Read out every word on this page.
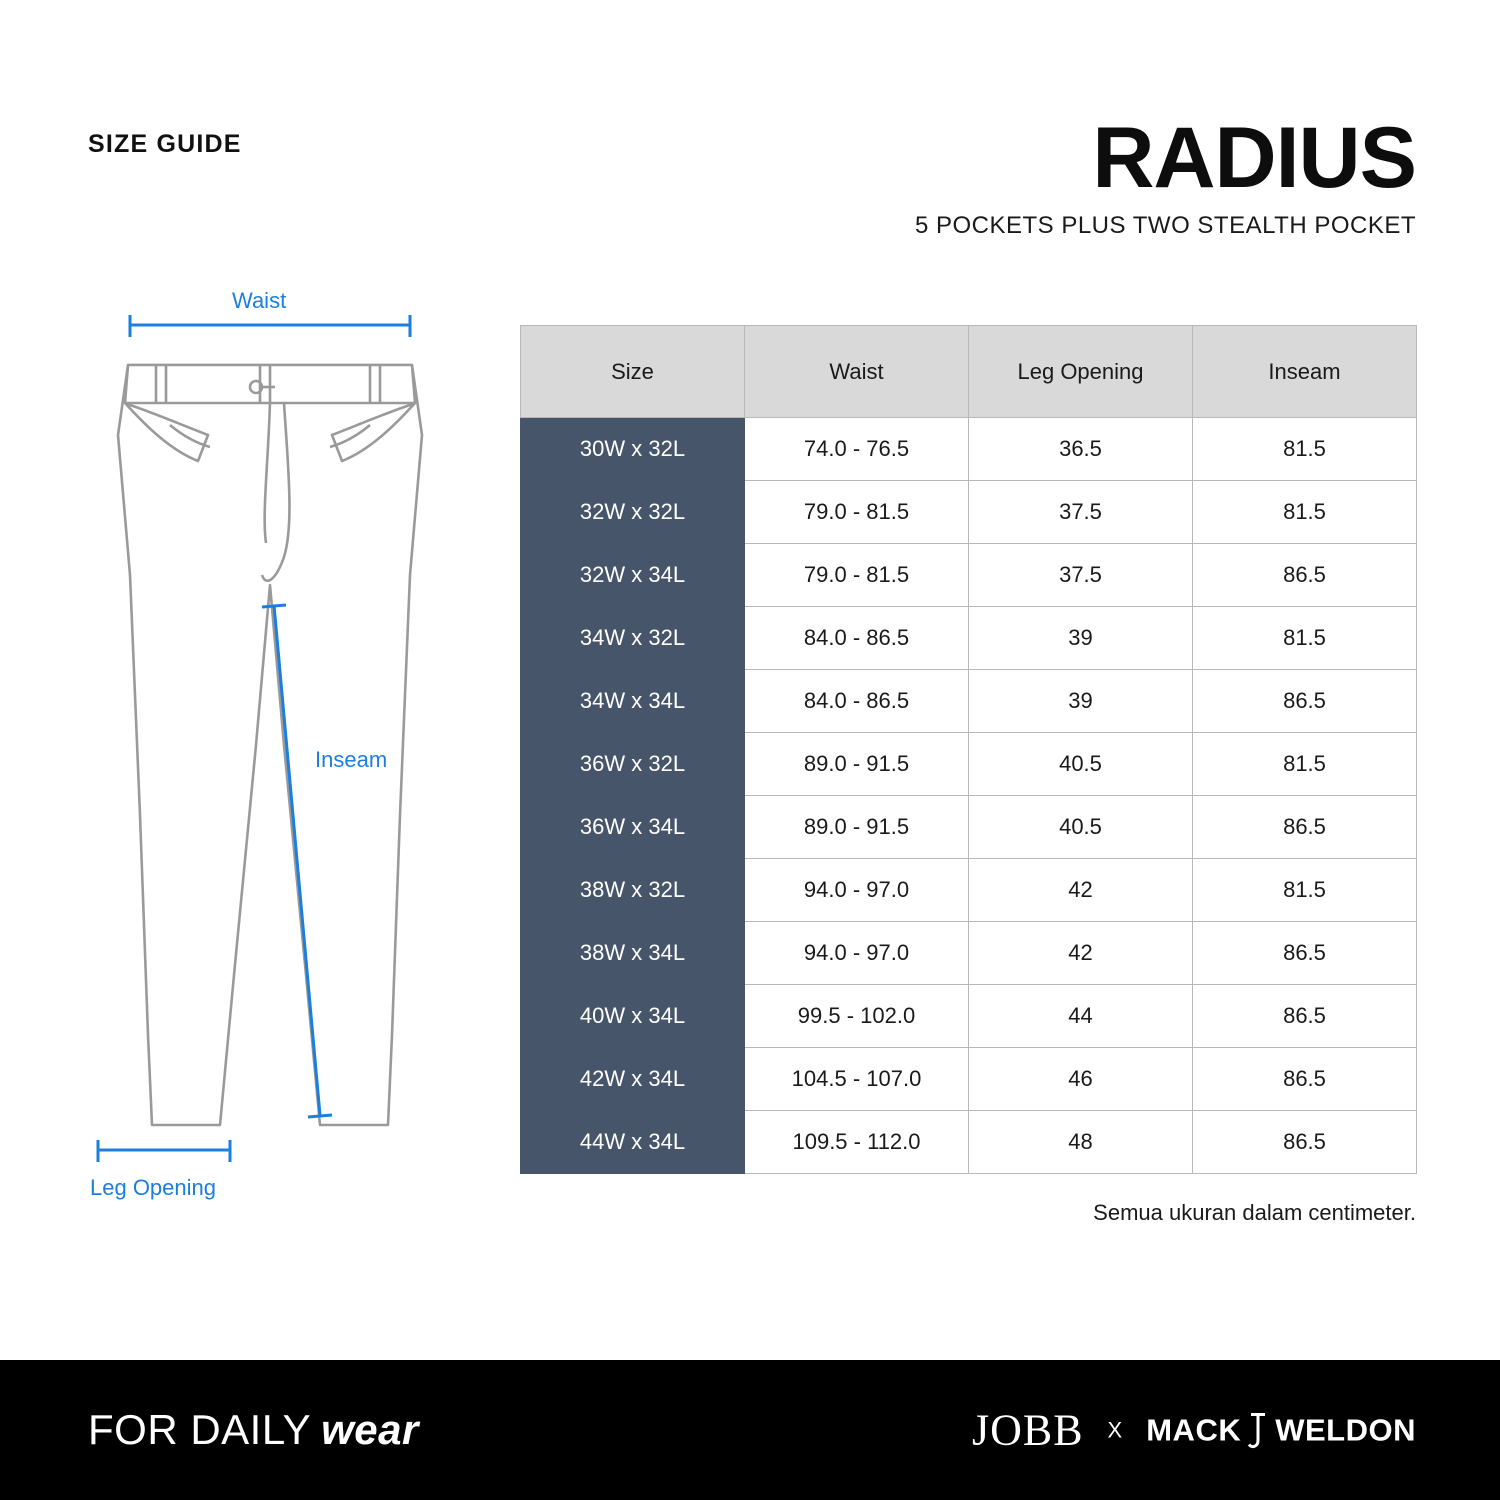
SIZE GUIDE	RADIUS
5 POCKETS PLUS TWO STEALTH POCKET
Waist
Inseam
Leg Opening
Size	Waist	Leg Opening	Inseam
30W x 32L	74.0 - 76.5	36.5	81.5
32W x 32L	79.0 - 81.5	37.5	81.5
32W x 34L	79.0 - 81.5	37.5	86.5
34W x 32L	84.0 - 86.5	39	81.5
34W x 34L	84.0 - 86.5	39	86.5
36W x 32L	89.0 - 91.5	40.5	81.5
36W x 34L	89.0 - 91.5	40.5	86.5
38W x 32L	94.0 - 97.0	42	81.5
38W x 34L	94.0 - 97.0	42	86.5
40W x 34L	99.5 - 102.0	44	86.5
42W x 34L	104.5 - 107.0	46	86.5
44W x 34L	109.5 - 112.0	48	86.5
Semua ukuran dalam centimeter.
FOR DAILY wear	JOBB X MACK WELDON
